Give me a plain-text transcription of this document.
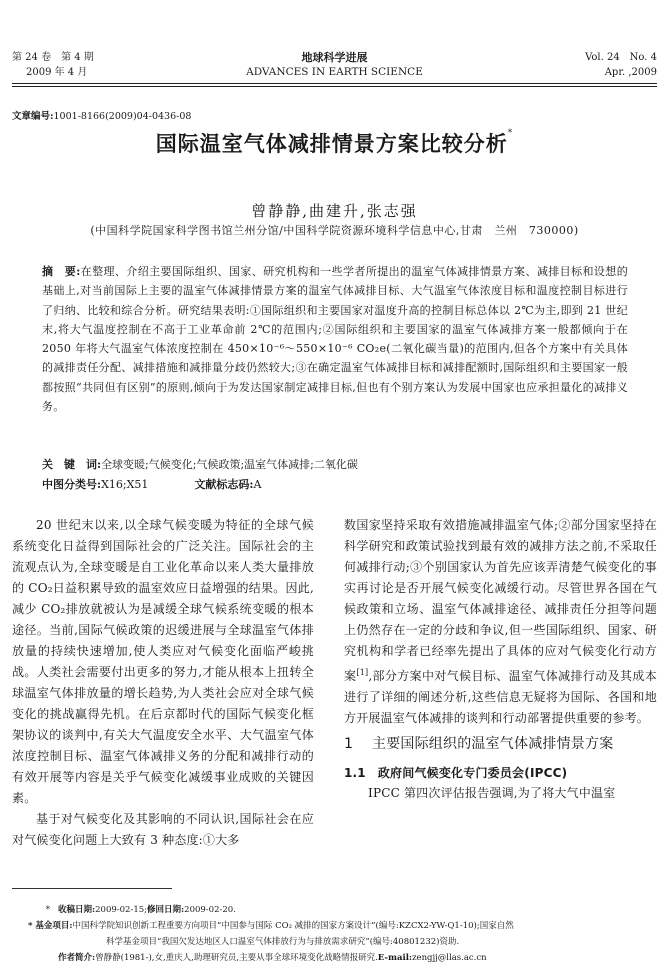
第 24 卷　第 4 期
2009 年 4 月
地球科学进展
ADVANCES IN EARTH SCIENCE
Vol. 24　No. 4
Apr. ,2009
文章编号:1001-8166(2009)04-0436-08
国际温室气体减排情景方案比较分析*
曾静静,曲建升,张志强
(中国科学院国家科学图书馆兰州分馆/中国科学院资源环境科学信息中心,甘肃　兰州　730000)
摘　要:在整理、介绍主要国际组织、国家、研究机构和一些学者所提出的温室气体减排情景方案、减排目标和设想的基础上,对当前国际上主要的温室气体减排情景方案的温室气体减排目标、大气温室气体浓度目标和温度控制目标进行了归纳、比较和综合分析。研究结果表明:①国际组织和主要国家对温度升高的控制目标总体以 2℃为主,即到 21 世纪末,将大气温度控制在不高于工业革命前 2℃的范围内;②国际组织和主要国家的温室气体减排方案一般都倾向于在 2050 年将大气温室气体浓度控制在 450×10⁻⁶～550×10⁻⁶ CO₂e(二氧化碳当量)的范围内,但各个方案中有关具体的减排责任分配、减排措施和减排量分歧仍然较大;③在确定温室气体减排目标和减排配额时,国际组织和主要国家一般都按照“共同但有区别”的原则,倾向于为发达国家制定减排目标,但也有个别方案认为发展中国家也应承担量化的减排义务。
关　键　词:全球变暖;气候变化;气候政策;温室气体减排;二氧化碳
中图分类号:X16;X51	文献标志码:A

20 世纪末以来,以全球气候变暖为特征的全球气候系统变化日益得到国际社会的广泛关注。国际社会的主流观点认为,全球变暖是自工业化革命以来人类大量排放的 CO₂日益积累导致的温室效应日益增强的结果。因此,减少 CO₂排放就被认为是减缓全球气候系统变暖的根本途径。当前,国际气候政策的迟缓进展与全球温室气体排放量的持续快速增加,使人类应对气候变化面临严峻挑战。人类社会需要付出更多的努力,才能从根本上扭转全球温室气体排放量的增长趋势,为人类社会应对全球气候变化的挑战赢得先机。在后京都时代的国际气候变化框架协议的谈判中,有关大气温度安全水平、大气温室气体浓度控制目标、温室气体减排义务的分配和减排行动的有效开展等内容是关乎气候变化减缓事业成败的关键因素。

基于对气候变化及其影响的不同认识,国际社会在应对气候变化问题上大致有 3 种态度:①大多

数国家坚持采取有效措施减排温室气体;②部分国家坚持在科学研究和政策试验找到最有效的减排方法之前,不采取任何减排行动;③个别国家认为首先应该弄清楚气候变化的事实再讨论是否开展气候变化减缓行动。尽管世界各国在气候政策和立场、温室气体减排途径、减排责任分担等问题上仍然存在一定的分歧和争议,但一些国际组织、国家、研究机构和学者已经率先提出了具体的应对气候变化行动方案[1],部分方案中对气候目标、温室气体减排行动及其成本进行了详细的阐述分析,这些信息无疑将为国际、各国和地方开展温室气体减排的谈判和行动部署提供重要的参考。

1	主要国际组织的温室气体减排情景方案
1.1 政府间气候变化专门委员会(IPCC)

IPCC 第四次评估报告强调,为了将大气中温室

* 收稿日期:2009-02-15;修回日期:2009-02-20.
* 基金项目:中国科学院知识创新工程重要方向项目“中国参与国际 CO₂ 减排的国家方案设计”(编号:KZCX2-YW-Q1-10);国家自然
科学基金项目“我国欠发达地区人口温室气体排放行为与排放需求研究”(编号:40801232)资助.
作者简介:曾静静(1981-),女,重庆人,助理研究员,主要从事全球环境变化战略情报研究.E-mail:zengjj@llas.ac.cn
